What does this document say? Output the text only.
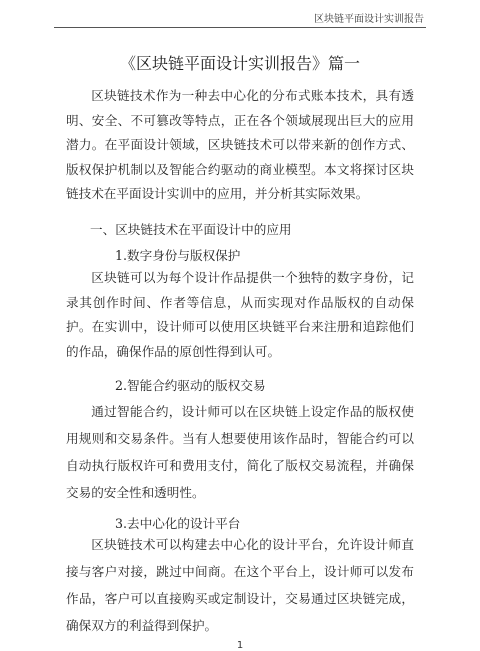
区块链平面设计实训报告
《区块链平面设计实训报告》篇一

区块链技术作为一种去中心化的分布式账本技术，具有透明、安全、不可篡改等特点，正在各个领域展现出巨大的应用潜力。在平面设计领域，区块链技术可以带来新的创作方式、版权保护机制以及智能合约驱动的商业模型。本文将探讨区块链技术在平面设计实训中的应用，并分析其实际效果。

一、区块链技术在平面设计中的应用

1.数字身份与版权保护

区块链可以为每个设计作品提供一个独特的数字身份，记录其创作时间、作者等信息，从而实现对作品版权的自动保护。在实训中，设计师可以使用区块链平台来注册和追踪他们的作品，确保作品的原创性得到认可。

2.智能合约驱动的版权交易

通过智能合约，设计师可以在区块链上设定作品的版权使用规则和交易条件。当有人想要使用该作品时，智能合约可以自动执行版权许可和费用支付，简化了版权交易流程，并确保交易的安全性和透明性。

3.去中心化的设计平台

区块链技术可以构建去中心化的设计平台，允许设计师直接与客户对接，跳过中间商。在这个平台上，设计师可以发布作品，客户可以直接购买或定制设计，交易通过区块链完成，确保双方的利益得到保护。

1
